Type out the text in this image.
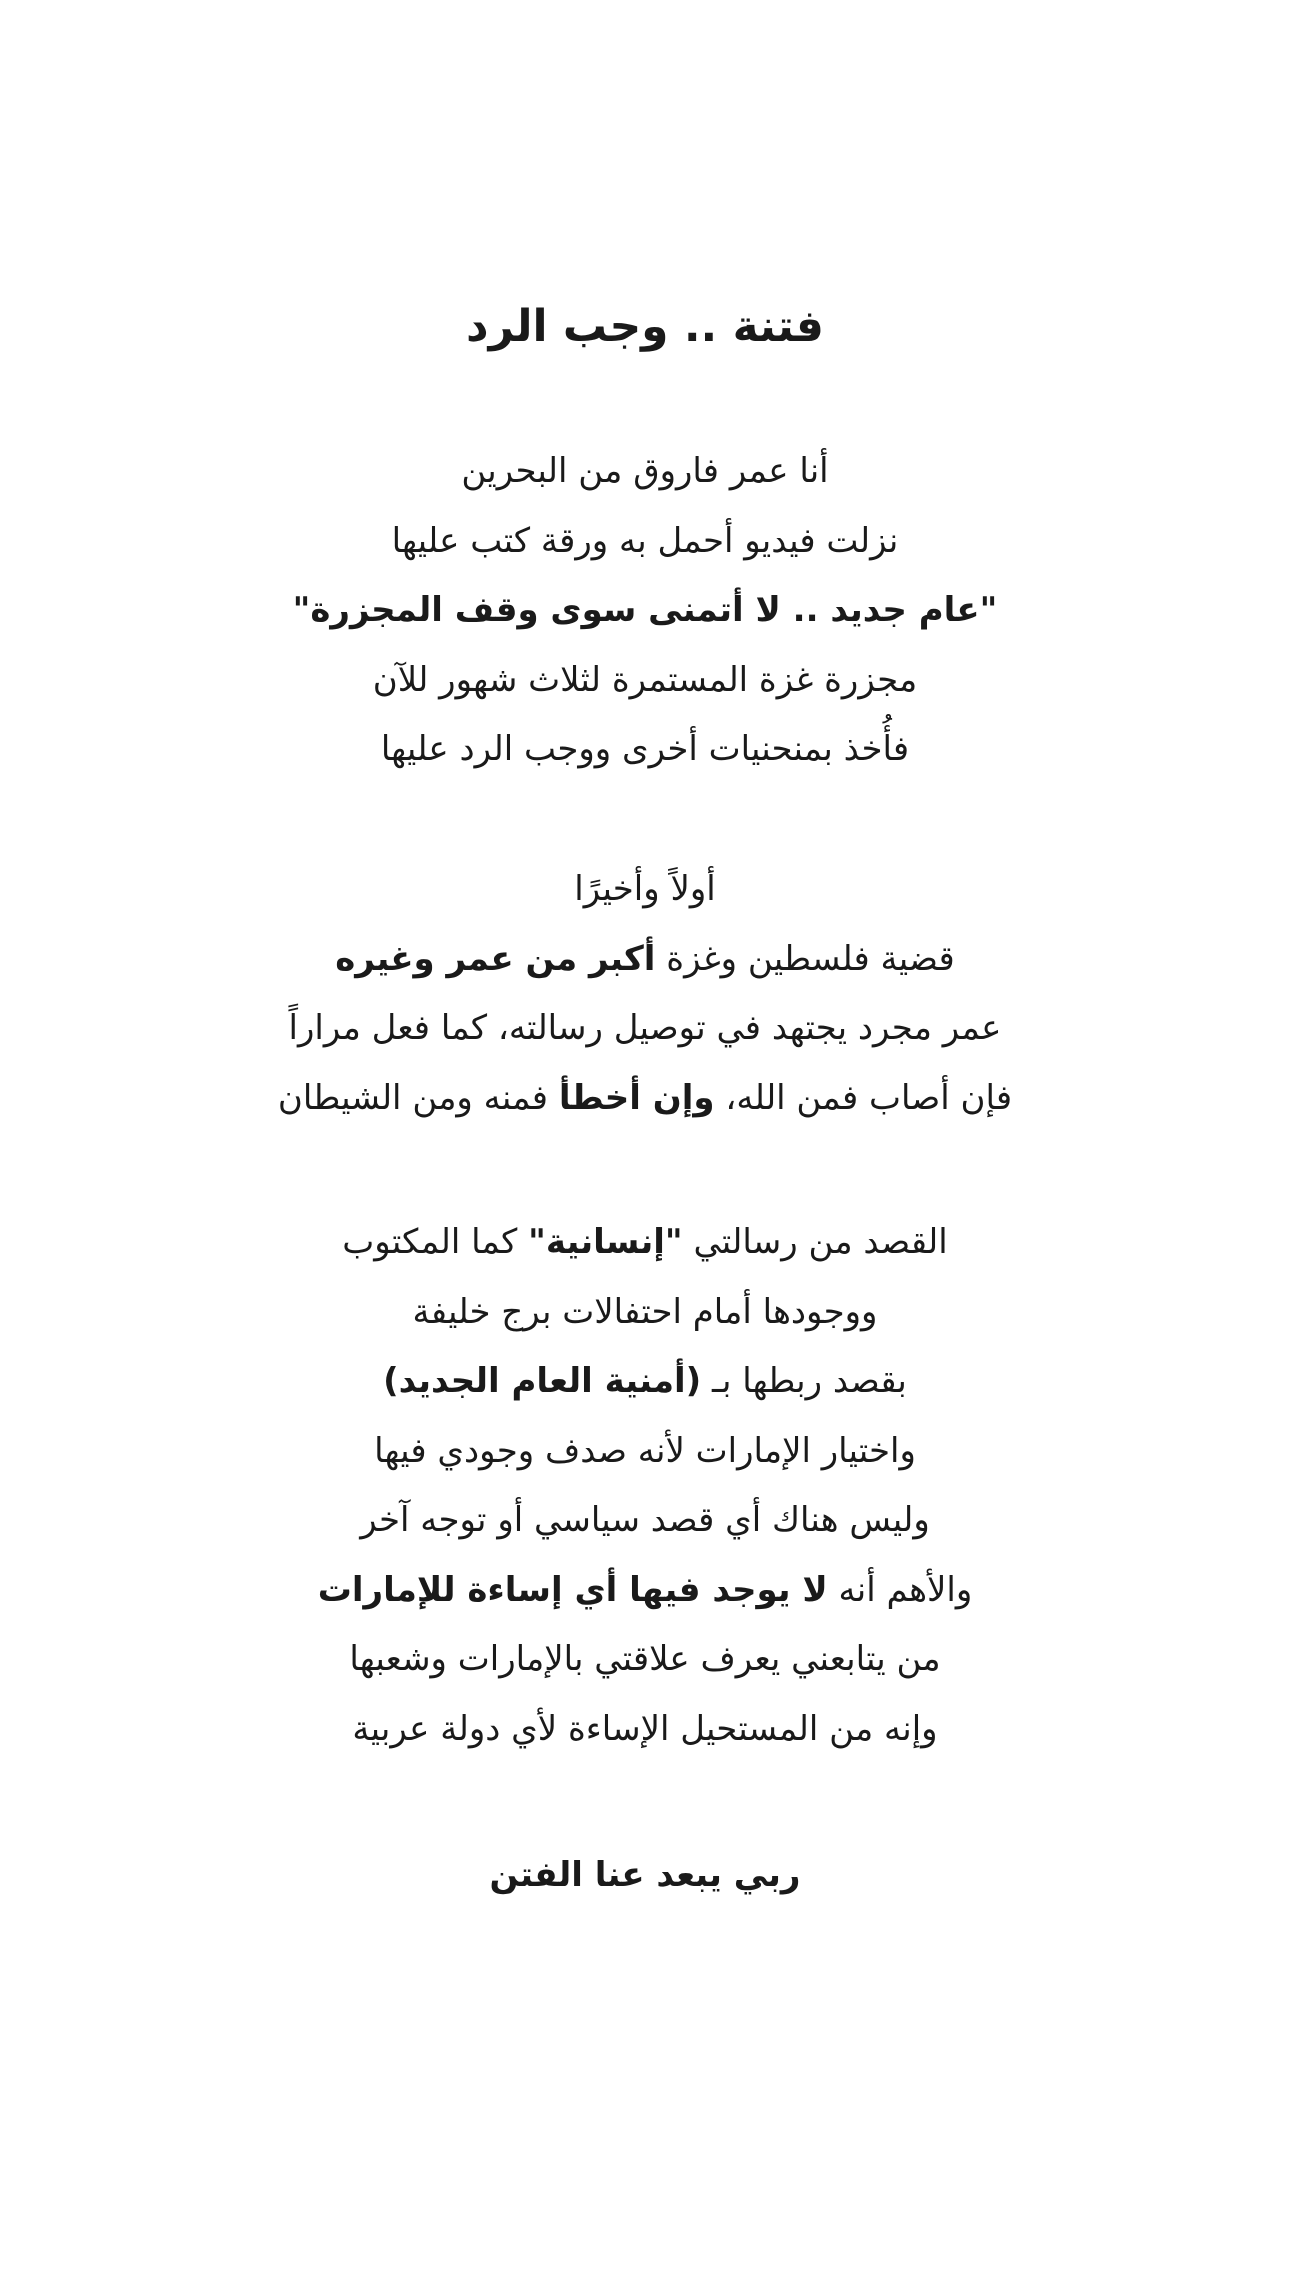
فتنة .. وجب الرد
أنا عمر فاروق من البحرين
نزلت فيديو أحمل به ورقة كتب عليها
"عام جديد .. لا أتمنى سوى وقف المجزرة"
مجزرة غزة المستمرة لثلاث شهور للآن
فأُخذ بمنحنيات أخرى ووجب الرد عليها
أولاً وأخيرًا
قضية فلسطين وغزة أكبر من عمر وغيره
عمر مجرد يجتهد في توصيل رسالته، كما فعل مراراً
فإن أصاب فمن الله، وإن أخطأ فمنه ومن الشيطان
القصد من رسالتي "إنسانية" كما المكتوب
ووجودها أمام احتفالات برج خليفة
بقصد ربطها بـ (أمنية العام الجديد)
واختيار الإمارات لأنه صدف وجودي فيها
وليس هناك أي قصد سياسي أو توجه آخر
والأهم أنه لا يوجد فيها أي إساءة للإمارات
من يتابعني يعرف علاقتي بالإمارات وشعبها
وإنه من المستحيل الإساءة لأي دولة عربية

ربي يبعد عنا الفتن
